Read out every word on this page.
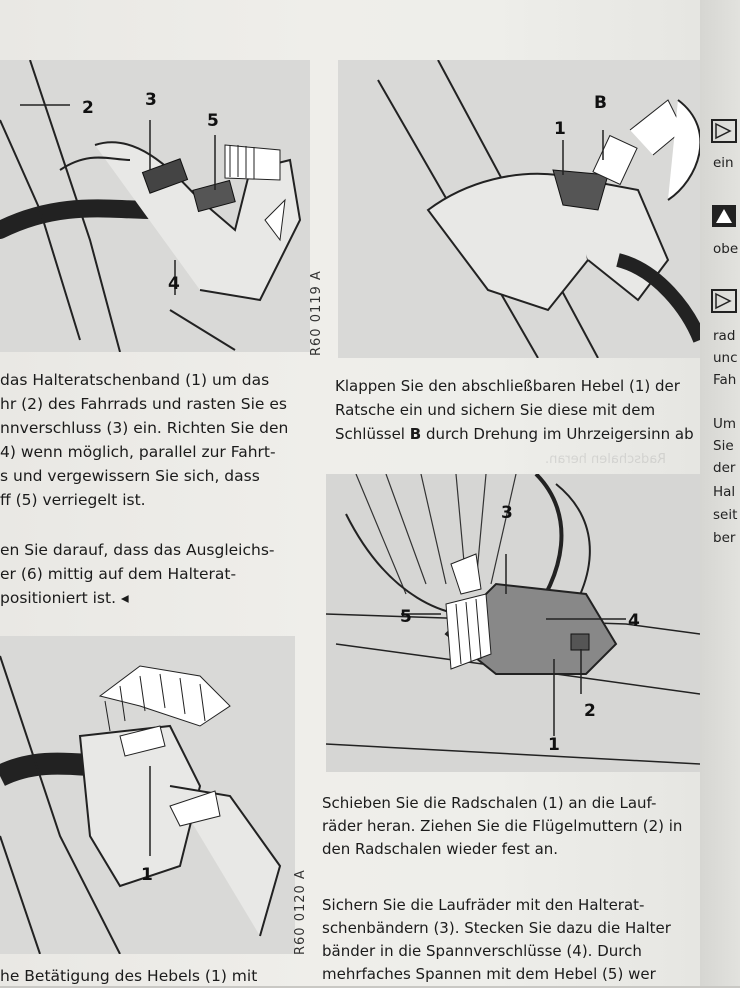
2	3
5
4	R60 0119 A
B
1
das Halteratschenband (1) um das
hr (2) des Fahrrads und rasten Sie es
nnverschluss (3) ein. Richten Sie den
4) wenn möglich, parallel zur Fahrt-
s und vergewissern Sie sich, dass
ff (5) verriegelt ist.
en Sie darauf, dass das Ausgleichs-
er (6) mittig auf dem Halterat-
positioniert ist. ◂
Klappen Sie den abschließbaren Hebel (1) der
Ratsche ein und sichern Sie diese mit dem
Schlüssel B durch Drehung im Uhrzeigersinn ab
Radschalen heran.
3
5	4
2
1
1	R60 0120 A
Schieben Sie die Radschalen (1) an die Lauf-
räder heran. Ziehen Sie die Flügelmuttern (2) in
den Radschalen wieder fest an.
Sichern Sie die Laufräder mit den Halterat-
schenbändern (3). Stecken Sie dazu die Halter
bänder in die Spannverschlüsse (4). Durch
mehrfaches Spannen mit dem Hebel (5) wer
he Betätigung des Hebels (1) mit
ein
obe
rad
unc
Fah
Um
Sie
der
Hal
seit
ber
